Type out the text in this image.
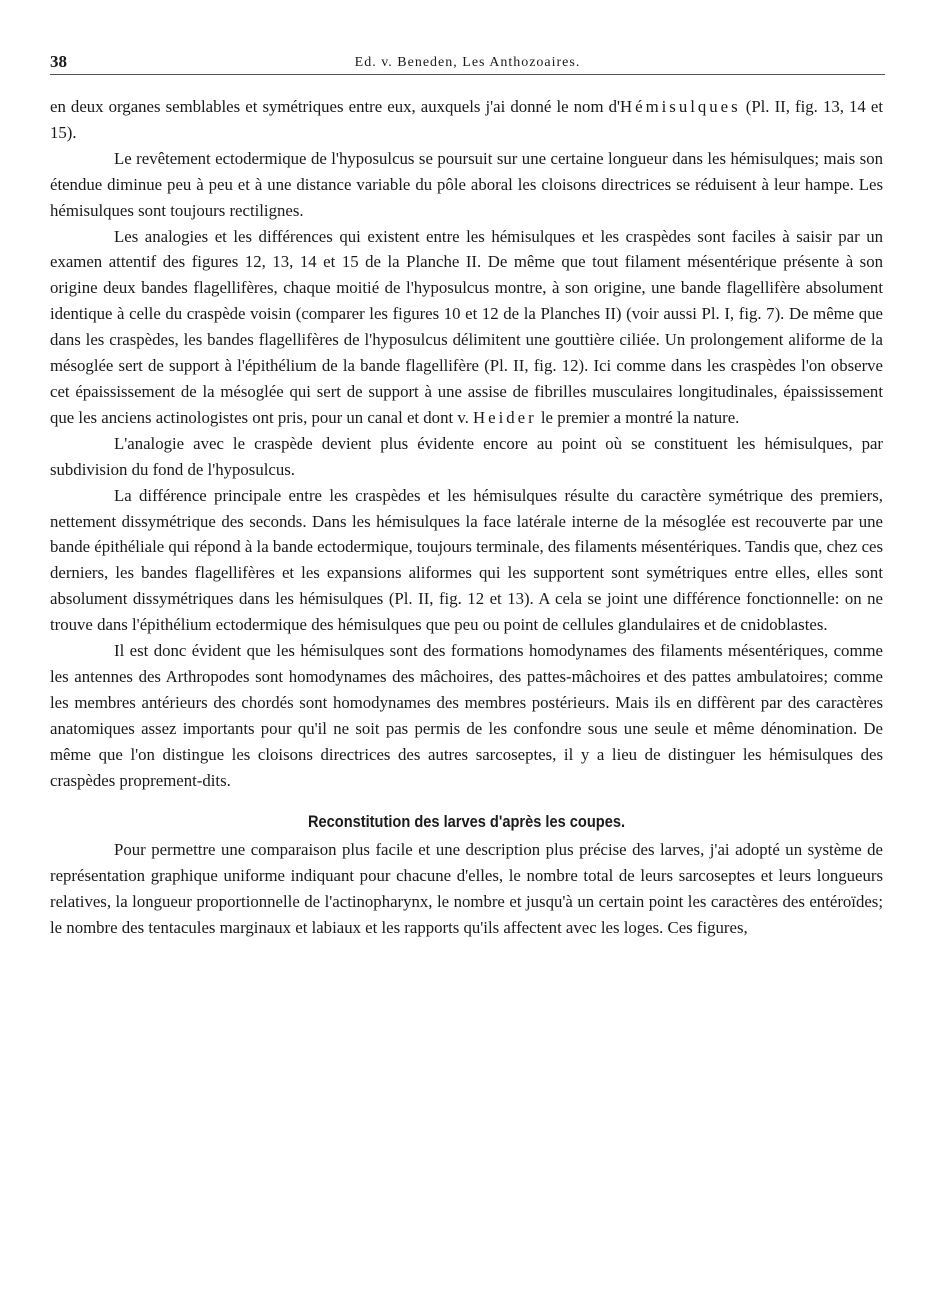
38	Ed. v. Beneden, Les Anthozoaires.

en deux organes semblables et symétriques entre eux, auxquels j'ai donné le nom d'Hémisulques (Pl. II, fig. 13, 14 et 15).

Le revêtement ectodermique de l'hyposulcus se poursuit sur une certaine longueur dans les hémisulques; mais son étendue diminue peu à peu et à une distance variable du pôle aboral les cloisons directrices se réduisent à leur hampe. Les hémisulques sont toujours rectilignes.

Les analogies et les différences qui existent entre les hémisulques et les craspèdes sont faciles à saisir par un examen attentif des figures 12, 13, 14 et 15 de la Planche II. De même que tout filament mésentérique présente à son origine deux bandes flagellifères, chaque moitié de l'hyposulcus montre, à son origine, une bande flagellifère absolument identique à celle du craspède voisin (comparer les figures 10 et 12 de la Planches II) (voir aussi Pl. I, fig. 7). De même que dans les craspèdes, les bandes flagellifères de l'hyposulcus délimitent une gouttière ciliée. Un prolongement aliforme de la mésoglée sert de support à l'épithélium de la bande flagellifère (Pl. II, fig. 12). Ici comme dans les craspèdes l'on observe cet épaississement de la mésoglée qui sert de support à une assise de fibrilles musculaires longitudinales, épaississement que les anciens actinologistes ont pris, pour un canal et dont v. Heider le premier a montré la nature.

L'analogie avec le craspède devient plus évidente encore au point où se constituent les hémisulques, par subdivision du fond de l'hyposulcus.

La différence principale entre les craspèdes et les hémisulques résulte du caractère symétrique des premiers, nettement dissymétrique des seconds. Dans les hémisulques la face latérale interne de la mésoglée est recouverte par une bande épithéliale qui répond à la bande ectodermique, toujours terminale, des filaments mésentériques. Tandis que, chez ces derniers, les bandes flagellifères et les expansions aliformes qui les supportent sont symétriques entre elles, elles sont absolument dissymétriques dans les hémisulques (Pl. II, fig. 12 et 13). A cela se joint une différence fonctionnelle: on ne trouve dans l'épithélium ectodermique des hémisulques que peu ou point de cellules glandulaires et de cnidoblastes.

Il est donc évident que les hémisulques sont des formations homodynames des filaments mésentériques, comme les antennes des Arthropodes sont homodynames des mâchoires, des pattes-mâchoires et des pattes ambulatoires; comme les membres antérieurs des chordés sont homodynames des membres postérieurs. Mais ils en diffèrent par des caractères anatomiques assez importants pour qu'il ne soit pas permis de les confondre sous une seule et même dénomination. De même que l'on distingue les cloisons directrices des autres sarcoseptes, il y a lieu de distinguer les hémisulques des craspèdes proprement-dits.

Reconstitution des larves d'après les coupes.

Pour permettre une comparaison plus facile et une description plus précise des larves, j'ai adopté un système de représentation graphique uniforme indiquant pour chacune d'elles, le nombre total de leurs sarcoseptes et leurs longueurs relatives, la longueur proportionnelle de l'actinopharynx, le nombre et jusqu'à un certain point les caractères des entéroïdes; le nombre des tentacules marginaux et labiaux et les rapports qu'ils affectent avec les loges. Ces figures,
